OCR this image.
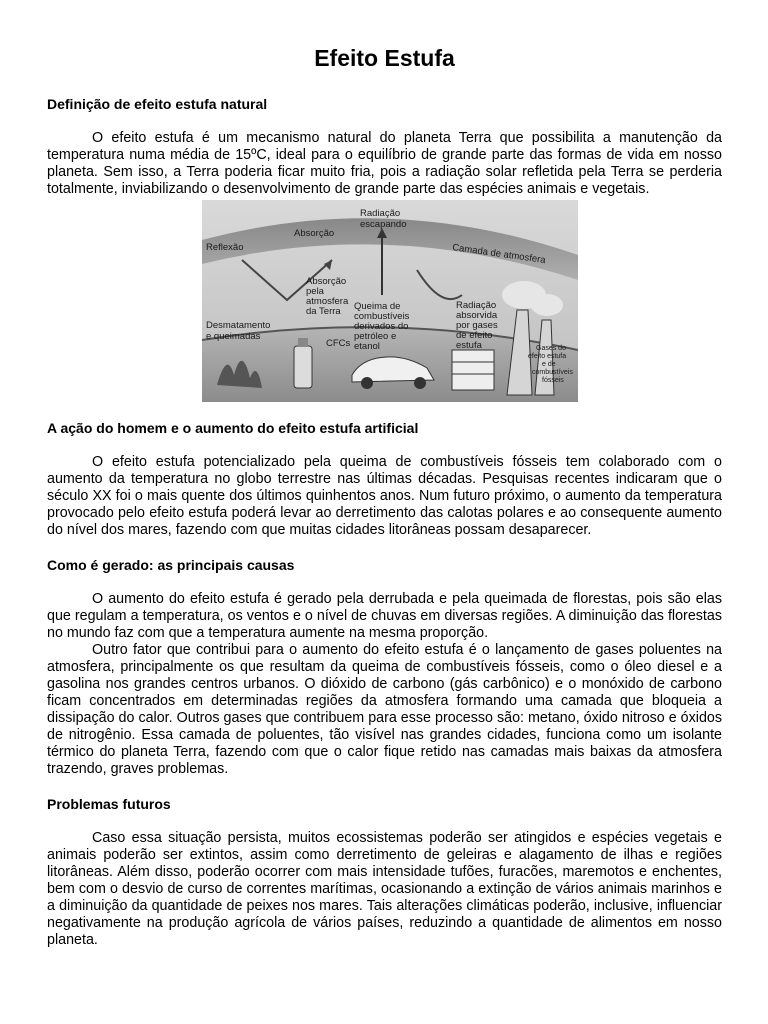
Efeito Estufa
Definição de efeito estufa natural

O efeito estufa é um mecanismo natural do planeta Terra que possibilita a manutenção da temperatura numa média de 15ºC, ideal para o equilíbrio de grande parte das formas de vida em nosso planeta. Sem isso, a Terra poderia ficar muito fria, pois a radiação solar refletida pela Terra se perderia totalmente, inviabilizando o desenvolvimento de grande parte das espécies animais e vegetais.

Absorção
Radiação
escapando
Reflexão	Camada de atmosfera
Absorção
pela
atmosfera
da Terra
Desmatamento
e queimadas
Queima de
combustíveis
derivados do
petróleo e
etanol
Radiação
absorvida
por gases
de efeito
estufa
CFCs	Gases do
efeito estufa
e de
combustíveis
fósseis
A ação do homem e o aumento do efeito estufa artificial

O efeito estufa potencializado pela queima de combustíveis fósseis tem colaborado com o aumento da temperatura no globo terrestre nas últimas décadas. Pesquisas recentes indicaram que o século XX foi o mais quente dos últimos quinhentos anos. Num futuro próximo, o aumento da temperatura provocado pelo efeito estufa poderá levar ao derretimento das calotas polares e ao consequente aumento do nível dos mares, fazendo com que muitas cidades litorâneas possam desaparecer.

Como é gerado: as principais causas

O aumento do efeito estufa é gerado pela derrubada e pela queimada de florestas, pois são elas que regulam a temperatura, os ventos e o nível de chuvas em diversas regiões. A diminuição das florestas no mundo faz com que a temperatura aumente na mesma proporção.

Outro fator que contribui para o aumento do efeito estufa é o lançamento de gases poluentes na atmosfera, principalmente os que resultam da queima de combustíveis fósseis, como o óleo diesel e a gasolina nos grandes centros urbanos. O dióxido de carbono (gás carbônico) e o monóxido de carbono ficam concentrados em determinadas regiões da atmosfera formando uma camada que bloqueia a dissipação do calor. Outros gases que contribuem para esse processo são: metano, óxido nitroso e óxidos de nitrogênio. Essa camada de poluentes, tão visível nas grandes cidades, funciona como um isolante térmico do planeta Terra, fazendo com que o calor fique retido nas camadas mais baixas da atmosfera trazendo, graves problemas.

Problemas futuros

Caso essa situação persista, muitos ecossistemas poderão ser atingidos e espécies vegetais e animais poderão ser extintos, assim como derretimento de geleiras e alagamento de ilhas e regiões litorâneas. Além disso, poderão ocorrer com mais intensidade tufões, furacões, maremotos e enchentes, bem com o desvio de curso de correntes marítimas, ocasionando a extinção de vários animais marinhos e a diminuição da quantidade de peixes nos mares. Tais alterações climáticas poderão, inclusive, influenciar negativamente na produção agrícola de vários países, reduzindo a quantidade de alimentos em nosso planeta.
